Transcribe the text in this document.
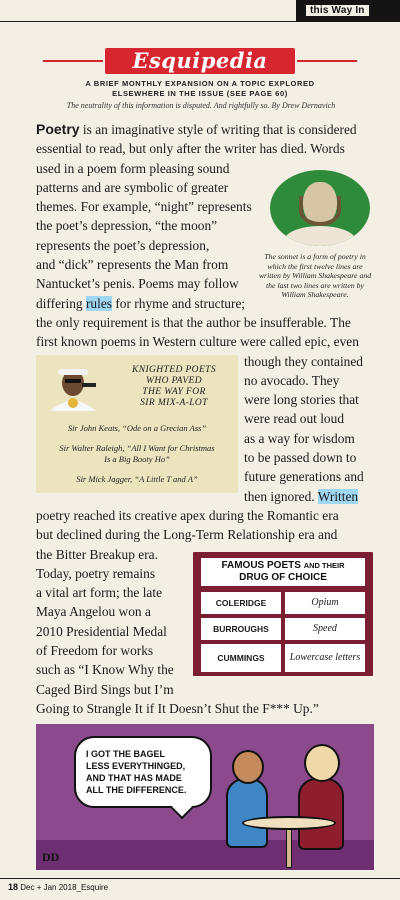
this Way In
Esquipedia
A BRIEF MONTHLY EXPANSION ON A TOPIC EXPLORED
ELSEWHERE IN THE ISSUE (SEE PAGE 60)
The neutrality of this information is disputed. And rightfully so. By Drew Dernavich
Poetry is an imaginative style of writing that is considered
essential to read, but only after the writer has died. Words
used in a poem form pleasing sound
patterns and are symbolic of greater
themes. For example, “night” represents
the poet’s depression, “the moon”
represents the poet’s depression,
and “dick” represents the Man from
Nantucket’s penis. Poems may follow
differing rules for rhyme and structure;
the only requirement is that the author be insufferable. The
first known poems in Western culture were called epic, even
though they contained
no avocado. They
were long stories that
were read out loud
as a way for wisdom
to be passed down to
future generations and
then ignored. Written
poetry reached its creative apex during the Romantic era
but declined during the Long-Term Relationship era and
the Bitter Breakup era.
Today, poetry remains
a vital art form; the late
Maya Angelou won a
2010 Presidential Medal
of Freedom for works
such as “I Know Why the
Caged Bird Sings but I’m
Going to Strangle It if It Doesn’t Shut the F*** Up.”
The sonnet is a form of poetry in which the first twelve lines are written by William Shakespeare and the last two lines are written by William Shakespeare.
KNIGHTED POETS
WHO PAVED
THE WAY FOR
SIR MIX-A-LOT
Sir John Keats, “Ode on a Grecian Ass”
Sir Walter Raleigh, “All I Want for Christmas
Is a Big Booty Ho”
Sir Mick Jagger, “A Little T and A”
FAMOUS POETS AND THEIR
DRUG OF CHOICE
COLERIDGE	Opium
BURROUGHS	Speed
CUMMINGS	Lowercase letters
I GOT THE BAGEL
LESS EVERYTHINGED,
AND THAT HAS MADE
ALL THE DIFFERENCE.
DD
18 Dec + Jan 2018_Esquire
